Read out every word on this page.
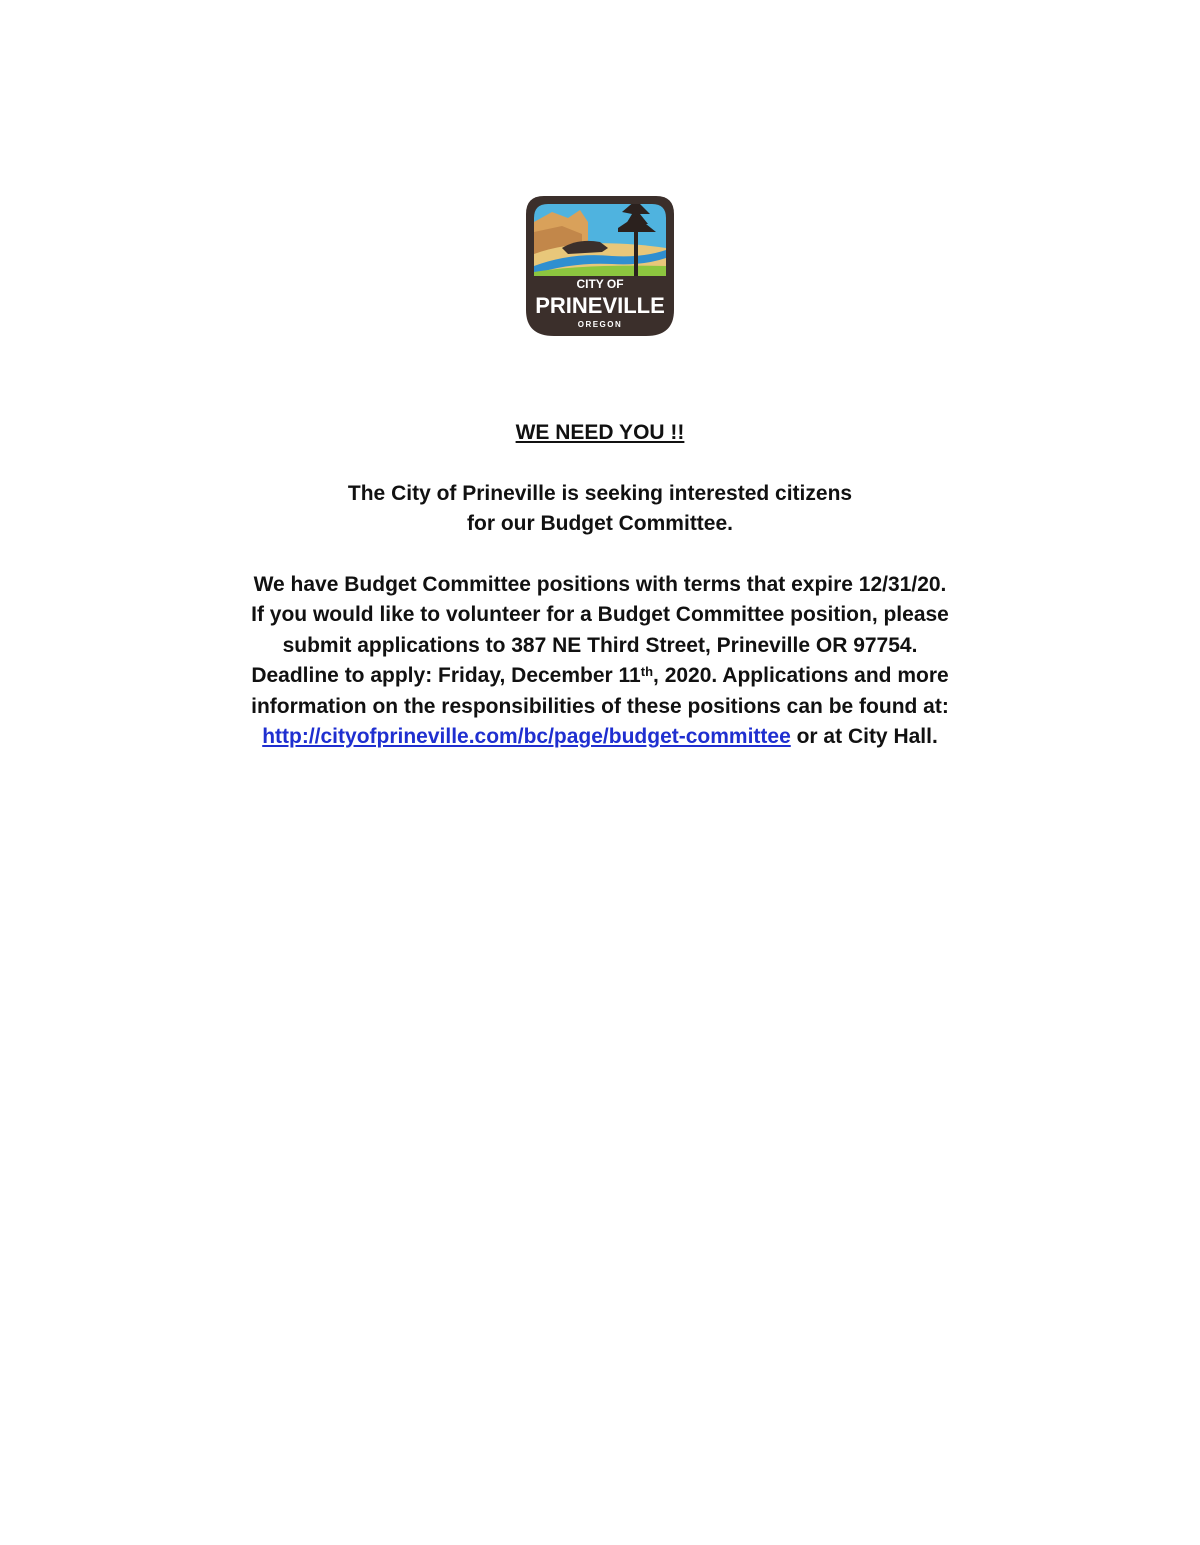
CITY OF
PRINEVILLE
OREGON

WE NEED YOU !!

The City of Prineville is seeking interested citizens
for our Budget Committee.

We have Budget Committee positions with terms that expire 12/31/20.
If you would like to volunteer for a Budget Committee position, please
submit applications to 387 NE Third Street, Prineville OR 97754.
Deadline to apply: Friday, December 11th, 2020. Applications and more
information on the responsibilities of these positions can be found at:
http://cityofprineville.com/bc/page/budget-committee or at City Hall.
